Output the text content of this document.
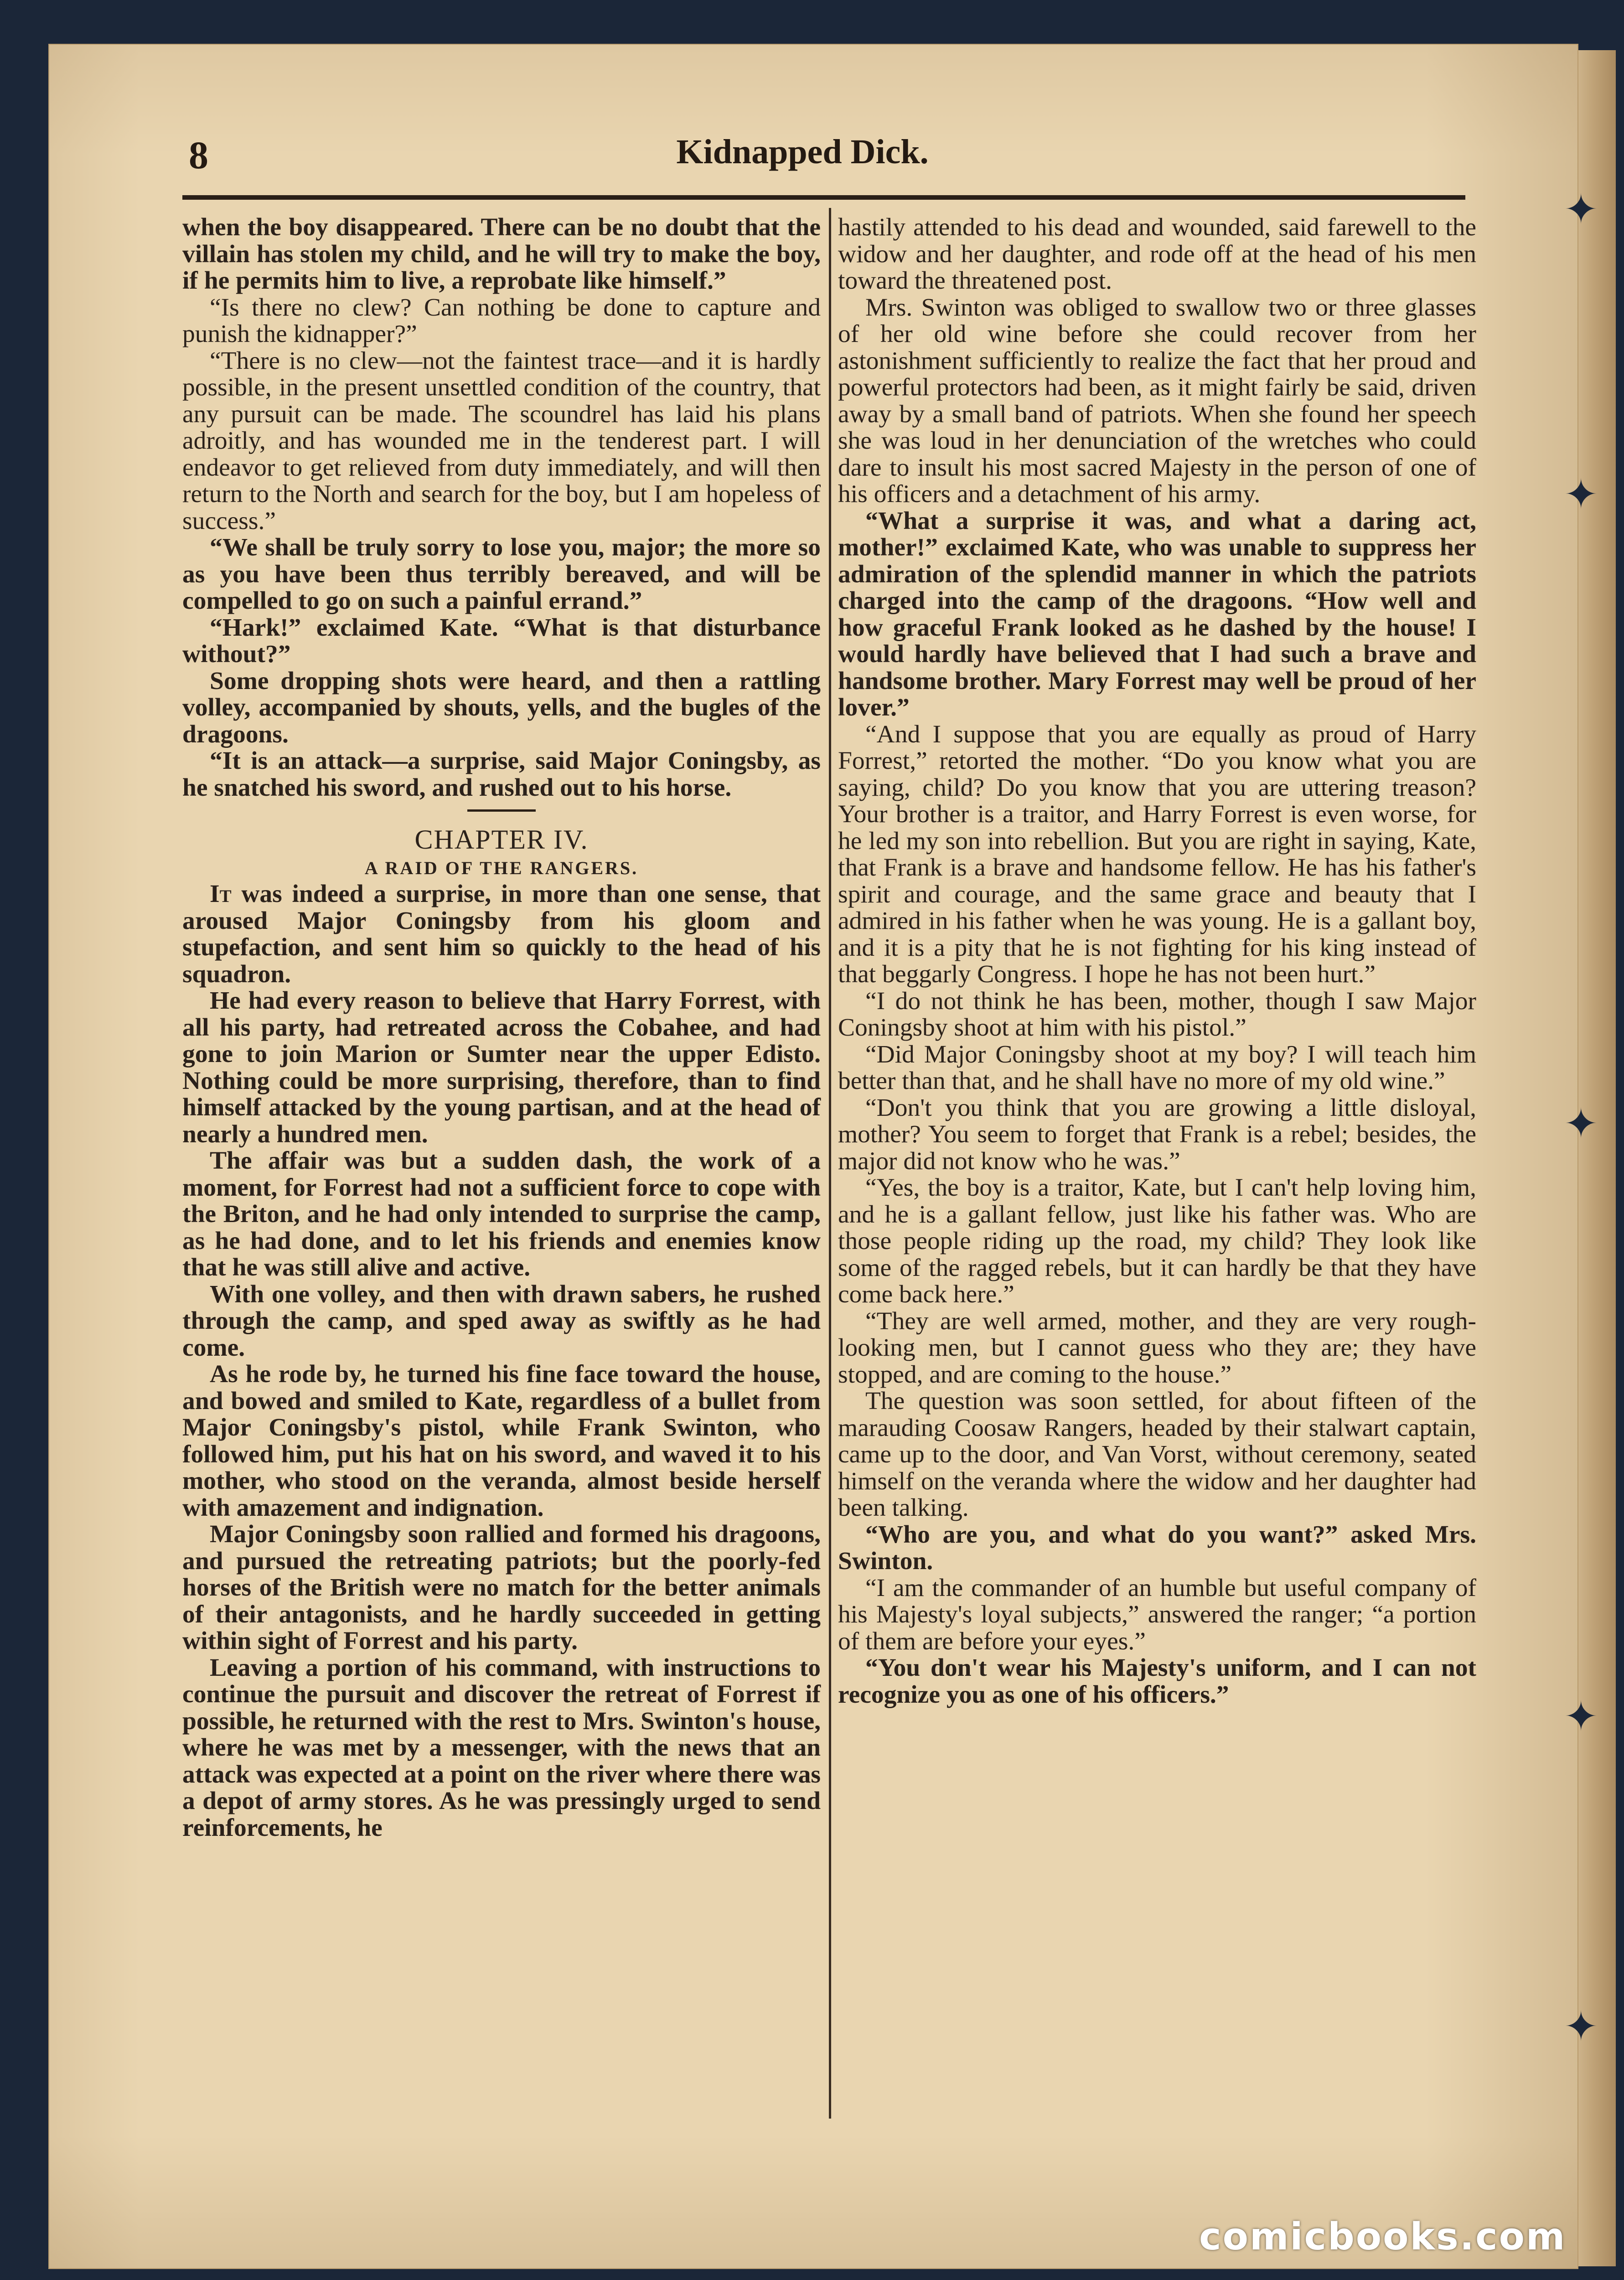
✦
✦
✦
✦
✦
8	Kidnapped Dick.

when the boy disappeared. There can be no doubt that the villain has stolen my child, and he will try to make the boy, if he permits him to live, a reprobate like himself.”

“Is there no clew? Can nothing be done to capture and punish the kidnapper?”

“There is no clew—not the faintest trace—and it is hardly possible, in the present unsettled condition of the country, that any pursuit can be made. The scoundrel has laid his plans adroitly, and has wounded me in the tenderest part. I will endeavor to get relieved from duty immediately, and will then return to the North and search for the boy, but I am hopeless of success.”

“We shall be truly sorry to lose you, major; the more so as you have been thus terribly bereaved, and will be compelled to go on such a painful errand.”

“Hark!” exclaimed Kate. “What is that disturbance without?”

Some dropping shots were heard, and then a rattling volley, accompanied by shouts, yells, and the bugles of the dragoons.

“It is an attack—a surprise, said Major Coningsby, as he snatched his sword, and rushed out to his horse.

CHAPTER IV.

A RAID OF THE RANGERS.

It was indeed a surprise, in more than one sense, that aroused Major Coningsby from his gloom and stupefaction, and sent him so quickly to the head of his squadron.

He had every reason to believe that Harry Forrest, with all his party, had retreated across the Cobahee, and had gone to join Marion or Sumter near the upper Edisto. Nothing could be more surprising, therefore, than to find himself attacked by the young partisan, and at the head of nearly a hundred men.

The affair was but a sudden dash, the work of a moment, for Forrest had not a sufficient force to cope with the Briton, and he had only intended to surprise the camp, as he had done, and to let his friends and enemies know that he was still alive and active.

With one volley, and then with drawn sabers, he rushed through the camp, and sped away as swiftly as he had come.

As he rode by, he turned his fine face toward the house, and bowed and smiled to Kate, regardless of a bullet from Major Coningsby's pistol, while Frank Swinton, who followed him, put his hat on his sword, and waved it to his mother, who stood on the veranda, almost beside herself with amazement and indignation.

Major Coningsby soon rallied and formed his dragoons, and pursued the retreating patriots; but the poorly-fed horses of the British were no match for the better animals of their antagonists, and he hardly succeeded in getting within sight of Forrest and his party.

Leaving a portion of his command, with instructions to continue the pursuit and discover the retreat of Forrest if possible, he returned with the rest to Mrs. Swinton's house, where he was met by a messenger, with the news that an attack was expected at a point on the river where there was a depot of army stores. As he was pressingly urged to send reinforcements, he

hastily attended to his dead and wounded, said farewell to the widow and her daughter, and rode off at the head of his men toward the threatened post.

Mrs. Swinton was obliged to swallow two or three glasses of her old wine before she could recover from her astonishment sufficiently to realize the fact that her proud and powerful protectors had been, as it might fairly be said, driven away by a small band of patriots. When she found her speech she was loud in her denunciation of the wretches who could dare to insult his most sacred Majesty in the person of one of his officers and a detachment of his army.

“What a surprise it was, and what a daring act, mother!” exclaimed Kate, who was unable to suppress her admiration of the splendid manner in which the patriots charged into the camp of the dragoons. “How well and how graceful Frank looked as he dashed by the house! I would hardly have believed that I had such a brave and handsome brother. Mary Forrest may well be proud of her lover.”

“And I suppose that you are equally as proud of Harry Forrest,” retorted the mother. “Do you know what you are saying, child? Do you know that you are uttering treason? Your brother is a traitor, and Harry Forrest is even worse, for he led my son into rebellion. But you are right in saying, Kate, that Frank is a brave and handsome fellow. He has his father's spirit and courage, and the same grace and beauty that I admired in his father when he was young. He is a gallant boy, and it is a pity that he is not fighting for his king instead of that beggarly Congress. I hope he has not been hurt.”

“I do not think he has been, mother, though I saw Major Coningsby shoot at him with his pistol.”

“Did Major Coningsby shoot at my boy? I will teach him better than that, and he shall have no more of my old wine.”

“Don't you think that you are growing a little disloyal, mother? You seem to forget that Frank is a rebel; besides, the major did not know who he was.”

“Yes, the boy is a traitor, Kate, but I can't help loving him, and he is a gallant fellow, just like his father was. Who are those people riding up the road, my child? They look like some of the ragged rebels, but it can hardly be that they have come back here.”

“They are well armed, mother, and they are very rough-looking men, but I cannot guess who they are; they have stopped, and are coming to the house.”

The question was soon settled, for about fifteen of the marauding Coosaw Rangers, headed by their stalwart captain, came up to the door, and Van Vorst, without ceremony, seated himself on the veranda where the widow and her daughter had been talking.

“Who are you, and what do you want?” asked Mrs. Swinton.

“I am the commander of an humble but useful company of his Majesty's loyal subjects,” answered the ranger; “a portion of them are before your eyes.”

“You don't wear his Majesty's uniform, and I can not recognize you as one of his officers.”

comicbooks.com
